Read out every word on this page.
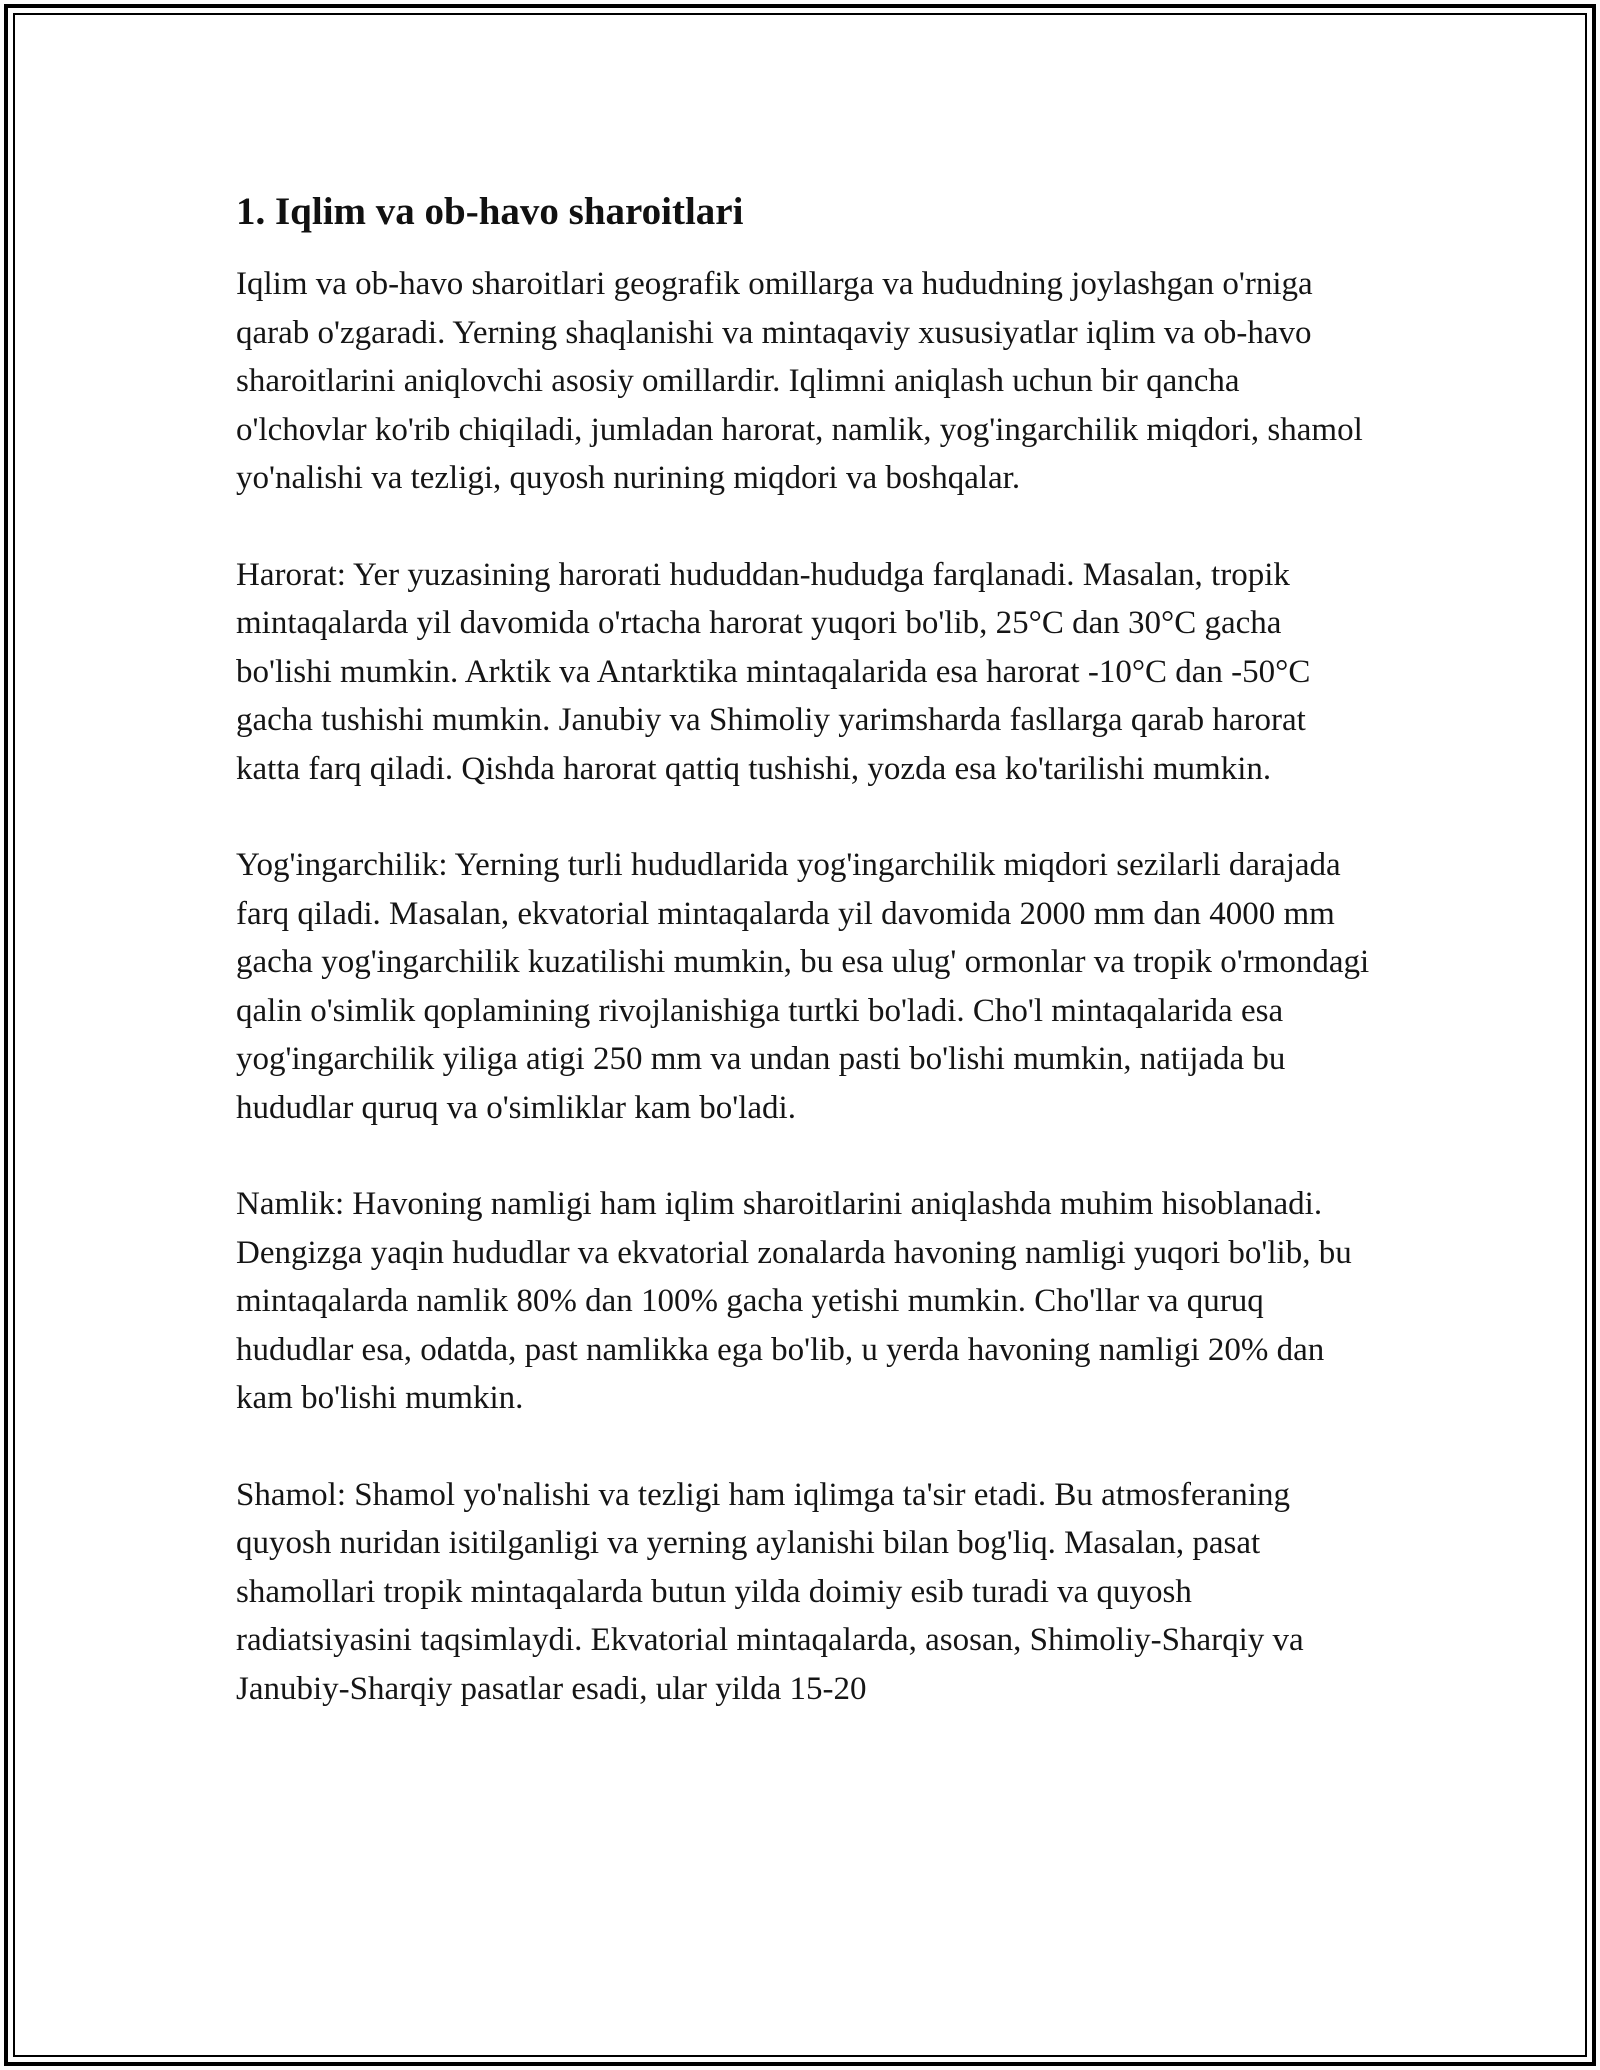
1. Iqlim va ob-havo sharoitlari

Iqlim va ob-havo sharoitlari geografik omillarga va hududning joylashgan o'rniga qarab o'zgaradi. Yerning shaqlanishi va mintaqaviy xususiyatlar iqlim va ob-havo sharoitlarini aniqlovchi asosiy omillardir. Iqlimni aniqlash uchun bir qancha o'lchovlar ko'rib chiqiladi, jumladan harorat, namlik, yog'ingarchilik miqdori, shamol yo'nalishi va tezligi, quyosh nurining miqdori va boshqalar.

Harorat: Yer yuzasining harorati hududdan-hududga farqlanadi. Masalan, tropik mintaqalarda yil davomida o'rtacha harorat yuqori bo'lib, 25°C dan 30°C gacha bo'lishi mumkin. Arktik va Antarktika mintaqalarida esa harorat -10°C dan -50°C gacha tushishi mumkin. Janubiy va Shimoliy yarimsharda fasllarga qarab harorat katta farq qiladi. Qishda harorat qattiq tushishi, yozda esa ko'tarilishi mumkin.

Yog'ingarchilik: Yerning turli hududlarida yog'ingarchilik miqdori sezilarli darajada farq qiladi. Masalan, ekvatorial mintaqalarda yil davomida 2000 mm dan 4000 mm gacha yog'ingarchilik kuzatilishi mumkin, bu esa ulug' ormonlar va tropik o'rmondagi qalin o'simlik qoplamining rivojlanishiga turtki bo'ladi. Cho'l mintaqalarida esa yog'ingarchilik yiliga atigi 250 mm va undan pasti bo'lishi mumkin, natijada bu hududlar quruq va o'simliklar kam bo'ladi.

Namlik: Havoning namligi ham iqlim sharoitlarini aniqlashda muhim hisoblanadi. Dengizga yaqin hududlar va ekvatorial zonalarda havoning namligi yuqori bo'lib, bu mintaqalarda namlik 80% dan 100% gacha yetishi mumkin. Cho'llar va quruq hududlar esa, odatda, past namlikka ega bo'lib, u yerda havoning namligi 20% dan kam bo'lishi mumkin.

Shamol: Shamol yo'nalishi va tezligi ham iqlimga ta'sir etadi. Bu atmosferaning quyosh nuridan isitilganligi va yerning aylanishi bilan bog'liq. Masalan, pasat shamollari tropik mintaqalarda butun yilda doimiy esib turadi va quyosh radiatsiyasini taqsimlaydi. Ekvatorial mintaqalarda, asosan, Shimoliy-Sharqiy va Janubiy-Sharqiy pasatlar esadi, ular yilda 15-20
